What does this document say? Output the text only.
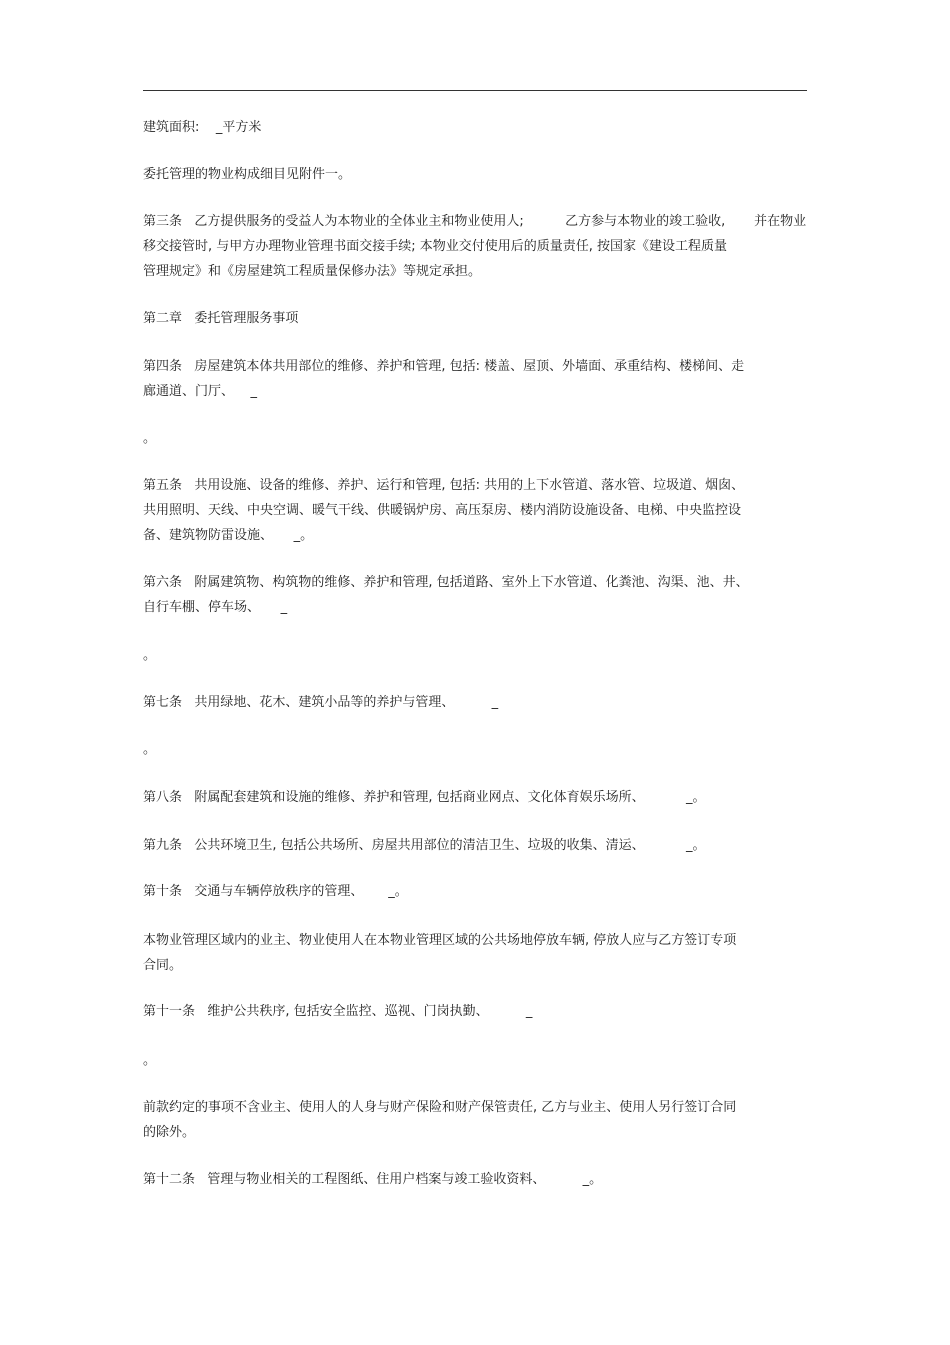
建筑面积:    _平方米
委托管理的物业构成细目见附件一。
第三条   乙方提供服务的受益人为本物业的全体业主和物业使用人;          乙方参与本物业的竣工验收,       并在物业
移交接管时, 与甲方办理物业管理书面交接手续; 本物业交付使用后的质量责任, 按国家《建设工程质量
管理规定》和《房屋建筑工程质量保修办法》等规定承担。
第二章   委托管理服务事项
第四条   房屋建筑本体共用部位的维修、养护和管理, 包括: 楼盖、屋顶、外墙面、承重结构、楼梯间、走
廊通道、门厅、    _
。
第五条   共用设施、设备的维修、养护、运行和管理, 包括: 共用的上下水管道、落水管、垃圾道、烟囱、
共用照明、天线、中央空调、暖气干线、供暖锅炉房、高压泵房、楼内消防设施设备、电梯、中央监控设
备、建筑物防雷设施、     _。
第六条   附属建筑物、构筑物的维修、养护和管理, 包括道路、室外上下水管道、化粪池、沟渠、池、井、
自行车棚、停车场、     _
。
第七条   共用绿地、花木、建筑小品等的养护与管理、         _
。
第八条   附属配套建筑和设施的维修、养护和管理, 包括商业网点、文化体育娱乐场所、          _。
第九条   公共环境卫生, 包括公共场所、房屋共用部位的清洁卫生、垃圾的收集、清运、          _。
第十条   交通与车辆停放秩序的管理、      _。
本物业管理区域内的业主、物业使用人在本物业管理区域的公共场地停放车辆, 停放人应与乙方签订专项
合同。
第十一条   维护公共秩序, 包括安全监控、巡视、门岗执勤、         _
。
前款约定的事项不含业主、使用人的人身与财产保险和财产保管责任, 乙方与业主、使用人另行签订合同
的除外。
第十二条   管理与物业相关的工程图纸、住用户档案与竣工验收资料、         _。
